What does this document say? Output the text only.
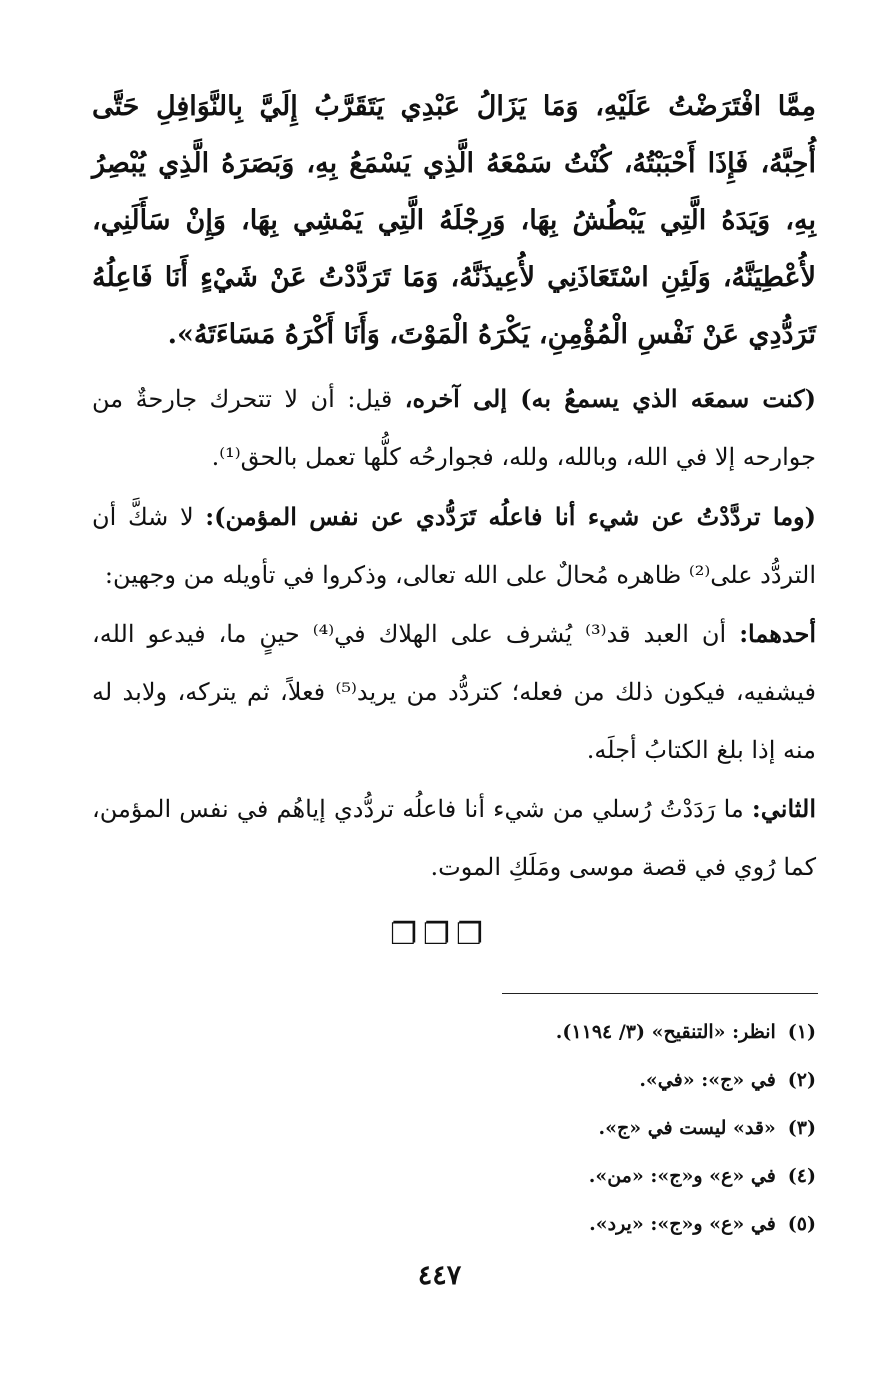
مِمَّا افْتَرَضْتُ عَلَيْهِ، وَمَا يَزَالُ عَبْدِي يَتَقَرَّبُ إِلَيَّ بِالنَّوَافِلِ حَتَّى أُحِبَّهُ، فَإِذَا أَحْبَبْتُهُ، كُنْتُ سَمْعَهُ الَّذِي يَسْمَعُ بِهِ، وَبَصَرَهُ الَّذِي يُبْصِرُ بِهِ، وَيَدَهُ الَّتِي يَبْطُشُ بِهَا، وَرِجْلَهُ الَّتِي يَمْشِي بِهَا، وَإِنْ سَأَلَنِي، لأُعْطِيَنَّهُ، وَلَئِنِ اسْتَعَاذَنِي لأُعِيذَنَّهُ، وَمَا تَرَدَّدْتُ عَنْ شَيْءٍ أَنَا فَاعِلُهُ تَرَدُّدِي عَنْ نَفْسِ الْمُؤْمِنِ، يَكْرَهُ الْمَوْتَ، وَأَنَا أَكْرَهُ مَسَاءَتَهُ».
(كنت سمعَه الذي يسمعُ به) إلى آخره، قيل: أن لا تتحرك جارحةٌ من جوارحه إلا في الله، وبالله، ولله، فجوارحُه كلُّها تعمل بالحق⁽¹⁾.
(وما تردَّدْتُ عن شيء أنا فاعلُه تَرَدُّدي عن نفس المؤمن): لا شكَّ أن التردُّد على⁽²⁾ ظاهره مُحالٌ على الله تعالى، وذكروا في تأويله من وجهين:
أحدهما: أن العبد قد⁽³⁾ يُشرف على الهلاك في⁽⁴⁾ حينٍ ما، فيدعو الله، فيشفيه، فيكون ذلك من فعله؛ كتردُّد من يريد⁽⁵⁾ فعلاً، ثم يتركه، ولابد له منه إذا بلغ الكتابُ أجلَه.
الثاني: ما رَدَدْتُ رُسلي من شيء أنا فاعلُه تردُّدي إياهُم في نفس المؤمن، كما رُوي في قصة موسى ومَلَكِ الموت.
❐❐❐
(١)انظر: «التنقيح» (٣/ ١١٩٤).
(٢)في «ج»: «في».
(٣)«قد» ليست في «ج».
(٤)في «ع» و«ج»: «من».
(٥)في «ع» و«ج»: «يرد».
٤٤٧
